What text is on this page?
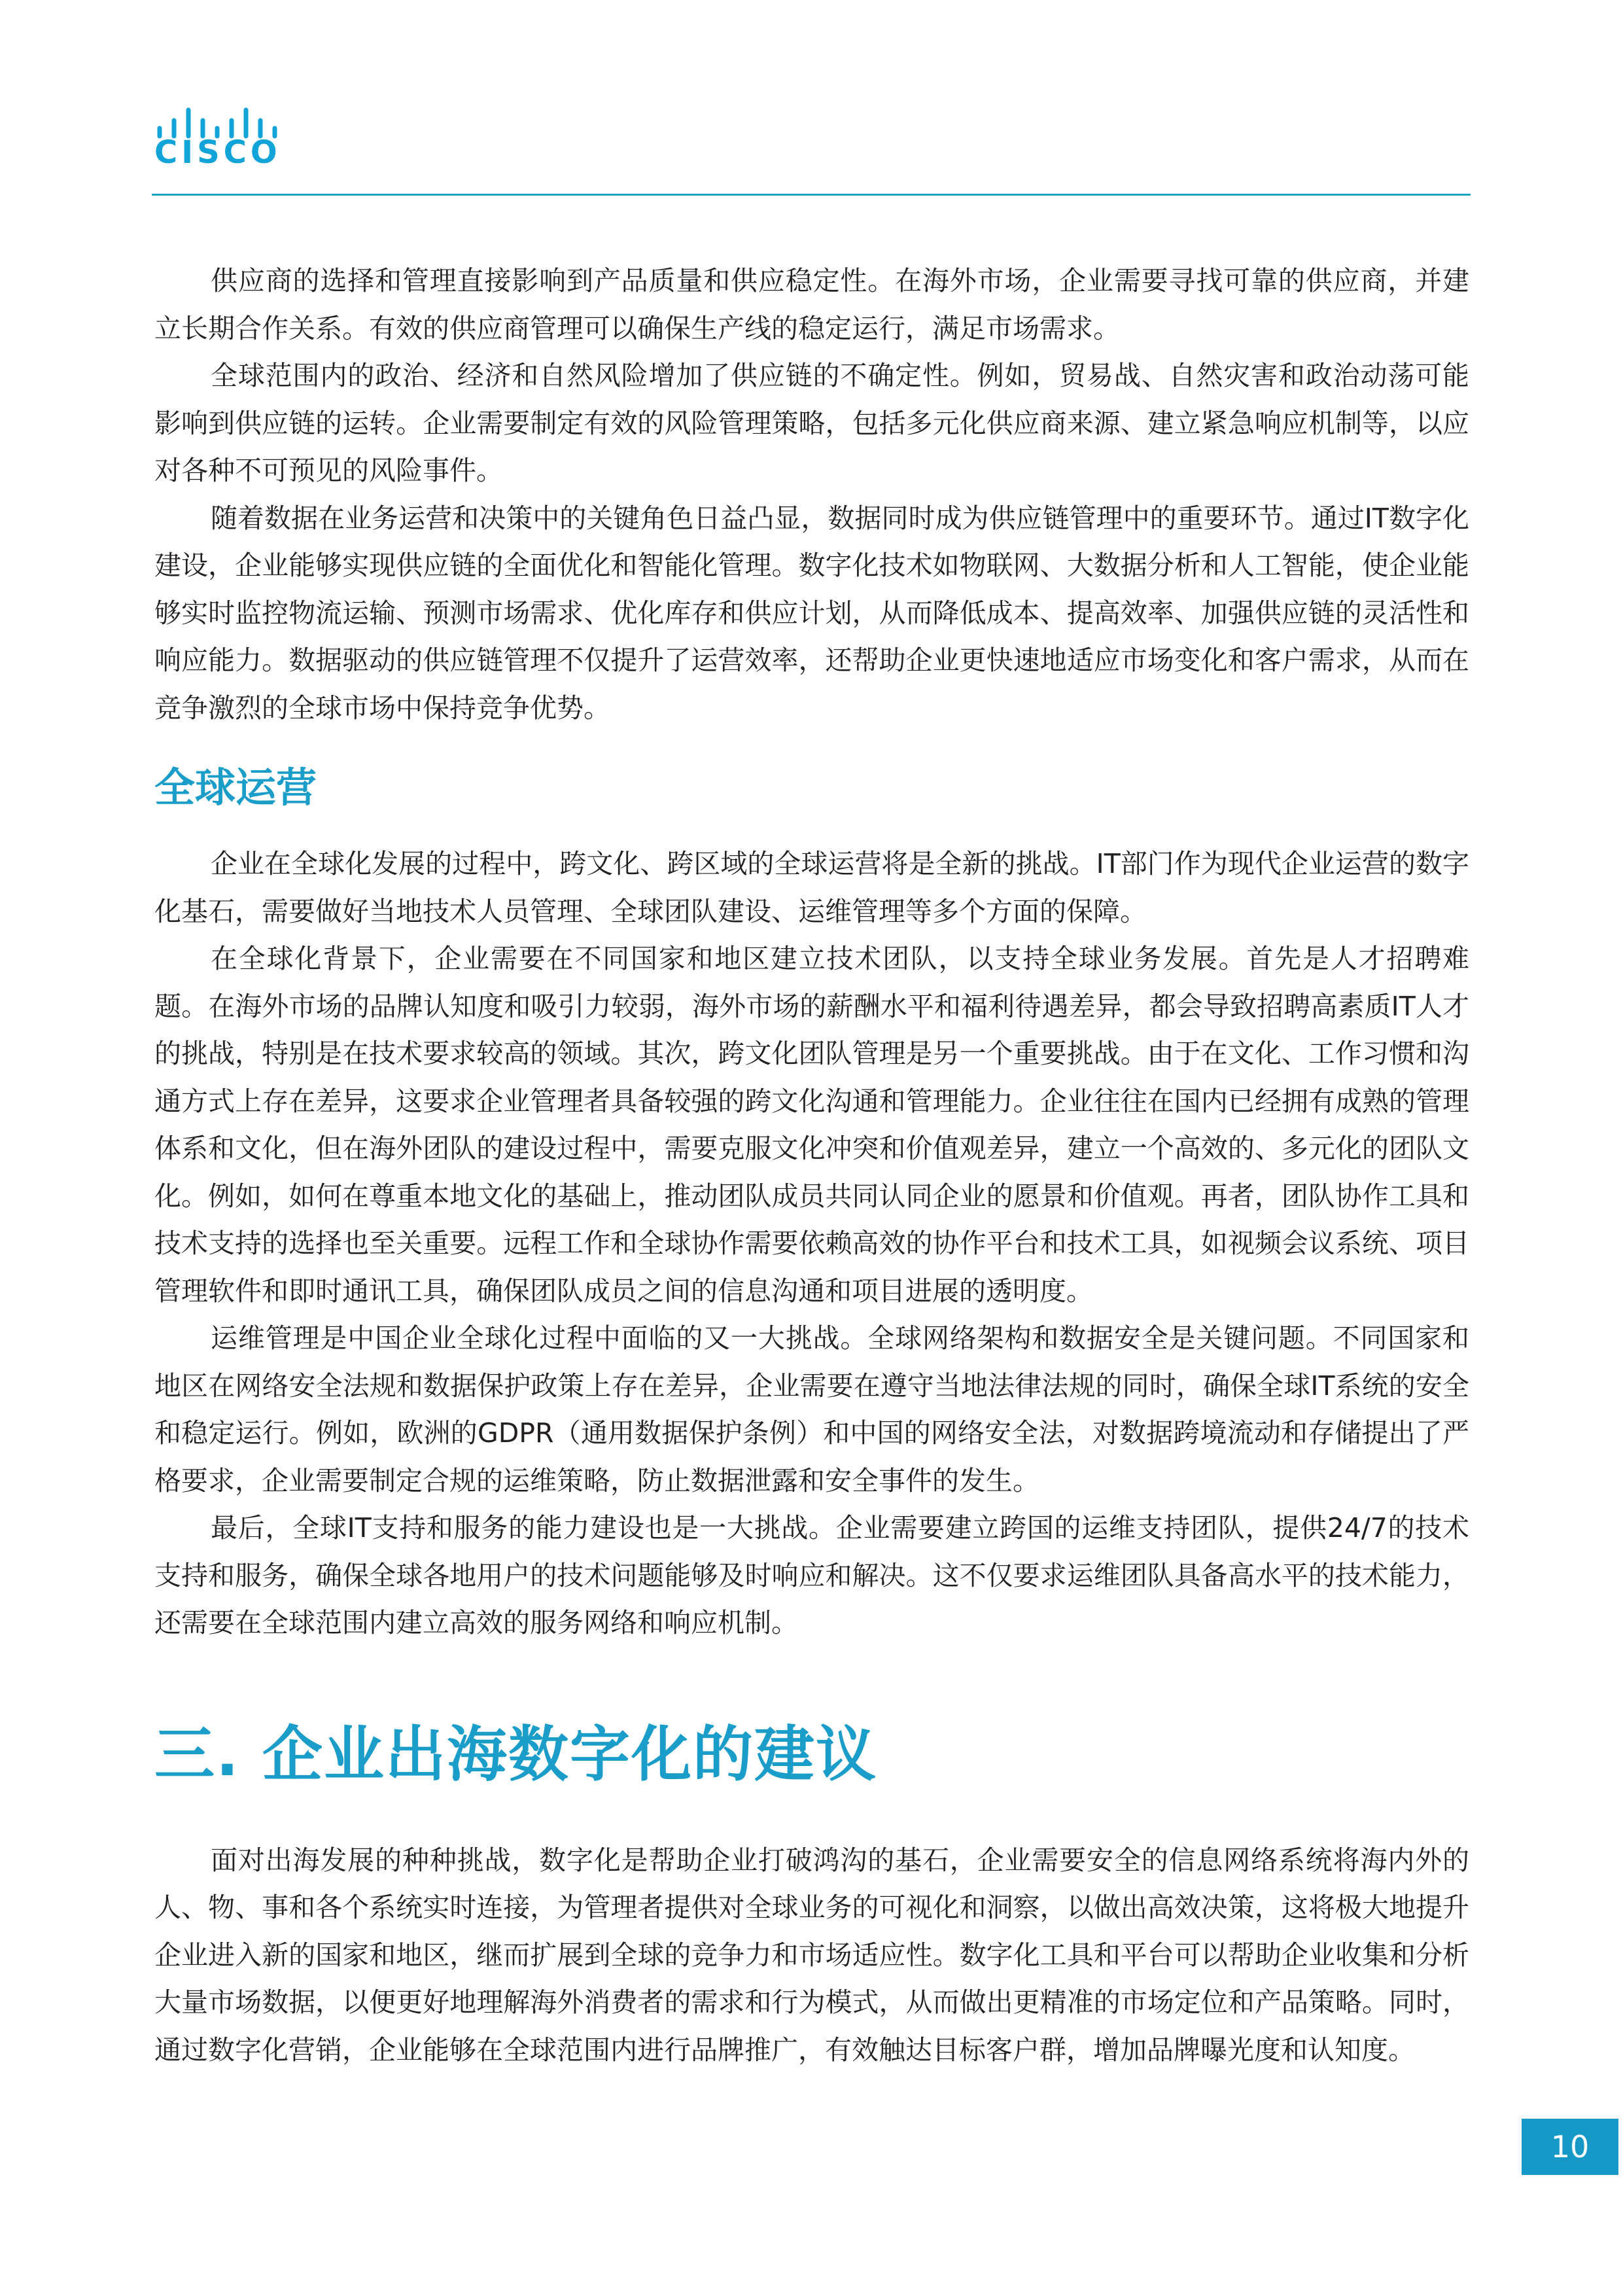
CISCO

供应商的选择和管理直接影响到产品质量和供应稳定性。在海外市场，企业需要寻找可靠的供应商，并建立长期合作关系。有效的供应商管理可以确保生产线的稳定运行，满足市场需求。

全球范围内的政治、经济和自然风险增加了供应链的不确定性。例如，贸易战、自然灾害和政治动荡可能影响到供应链的运转。企业需要制定有效的风险管理策略，包括多元化供应商来源、建立紧急响应机制等，以应对各种不可预见的风险事件。

随着数据在业务运营和决策中的关键角色日益凸显，数据同时成为供应链管理中的重要环节。通过IT数字化建设，企业能够实现供应链的全面优化和智能化管理。数字化技术如物联网、大数据分析和人工智能，使企业能够实时监控物流运输、预测市场需求、优化库存和供应计划，从而降低成本、提高效率、加强供应链的灵活性和响应能力。数据驱动的供应链管理不仅提升了运营效率，还帮助企业更快速地适应市场变化和客户需求，从而在竞争激烈的全球市场中保持竞争优势。

全球运营

企业在全球化发展的过程中，跨文化、跨区域的全球运营将是全新的挑战。IT部门作为现代企业运营的数字化基石，需要做好当地技术人员管理、全球团队建设、运维管理等多个方面的保障。

在全球化背景下，企业需要在不同国家和地区建立技术团队，以支持全球业务发展。首先是人才招聘难题。在海外市场的品牌认知度和吸引力较弱，海外市场的薪酬水平和福利待遇差异，都会导致招聘高素质IT人才的挑战，特别是在技术要求较高的领域。其次，跨文化团队管理是另一个重要挑战。由于在文化、工作习惯和沟通方式上存在差异，这要求企业管理者具备较强的跨文化沟通和管理能力。企业往往在国内已经拥有成熟的管理体系和文化，但在海外团队的建设过程中，需要克服文化冲突和价值观差异，建立一个高效的、多元化的团队文化。例如，如何在尊重本地文化的基础上，推动团队成员共同认同企业的愿景和价值观。再者，团队协作工具和技术支持的选择也至关重要。远程工作和全球协作需要依赖高效的协作平台和技术工具，如视频会议系统、项目管理软件和即时通讯工具，确保团队成员之间的信息沟通和项目进展的透明度。

运维管理是中国企业全球化过程中面临的又一大挑战。全球网络架构和数据安全是关键问题。不同国家和地区在网络安全法规和数据保护政策上存在差异，企业需要在遵守当地法律法规的同时，确保全球IT系统的安全和稳定运行。例如，欧洲的GDPR（通用数据保护条例）和中国的网络安全法，对数据跨境流动和存储提出了严格要求，企业需要制定合规的运维策略，防止数据泄露和安全事件的发生。

最后，全球IT支持和服务的能力建设也是一大挑战。企业需要建立跨国的运维支持团队，提供24/7的技术支持和服务，确保全球各地用户的技术问题能够及时响应和解决。这不仅要求运维团队具备高水平的技术能力，还需要在全球范围内建立高效的服务网络和响应机制。

三. 企业出海数字化的建议

面对出海发展的种种挑战，数字化是帮助企业打破鸿沟的基石，企业需要安全的信息网络系统将海内外的人、物、事和各个系统实时连接，为管理者提供对全球业务的可视化和洞察，以做出高效决策，这将极大地提升企业进入新的国家和地区，继而扩展到全球的竞争力和市场适应性。数字化工具和平台可以帮助企业收集和分析大量市场数据，以便更好地理解海外消费者的需求和行为模式，从而做出更精准的市场定位和产品策略。同时，通过数字化营销，企业能够在全球范围内进行品牌推广，有效触达目标客户群，增加品牌曝光度和认知度。

10
